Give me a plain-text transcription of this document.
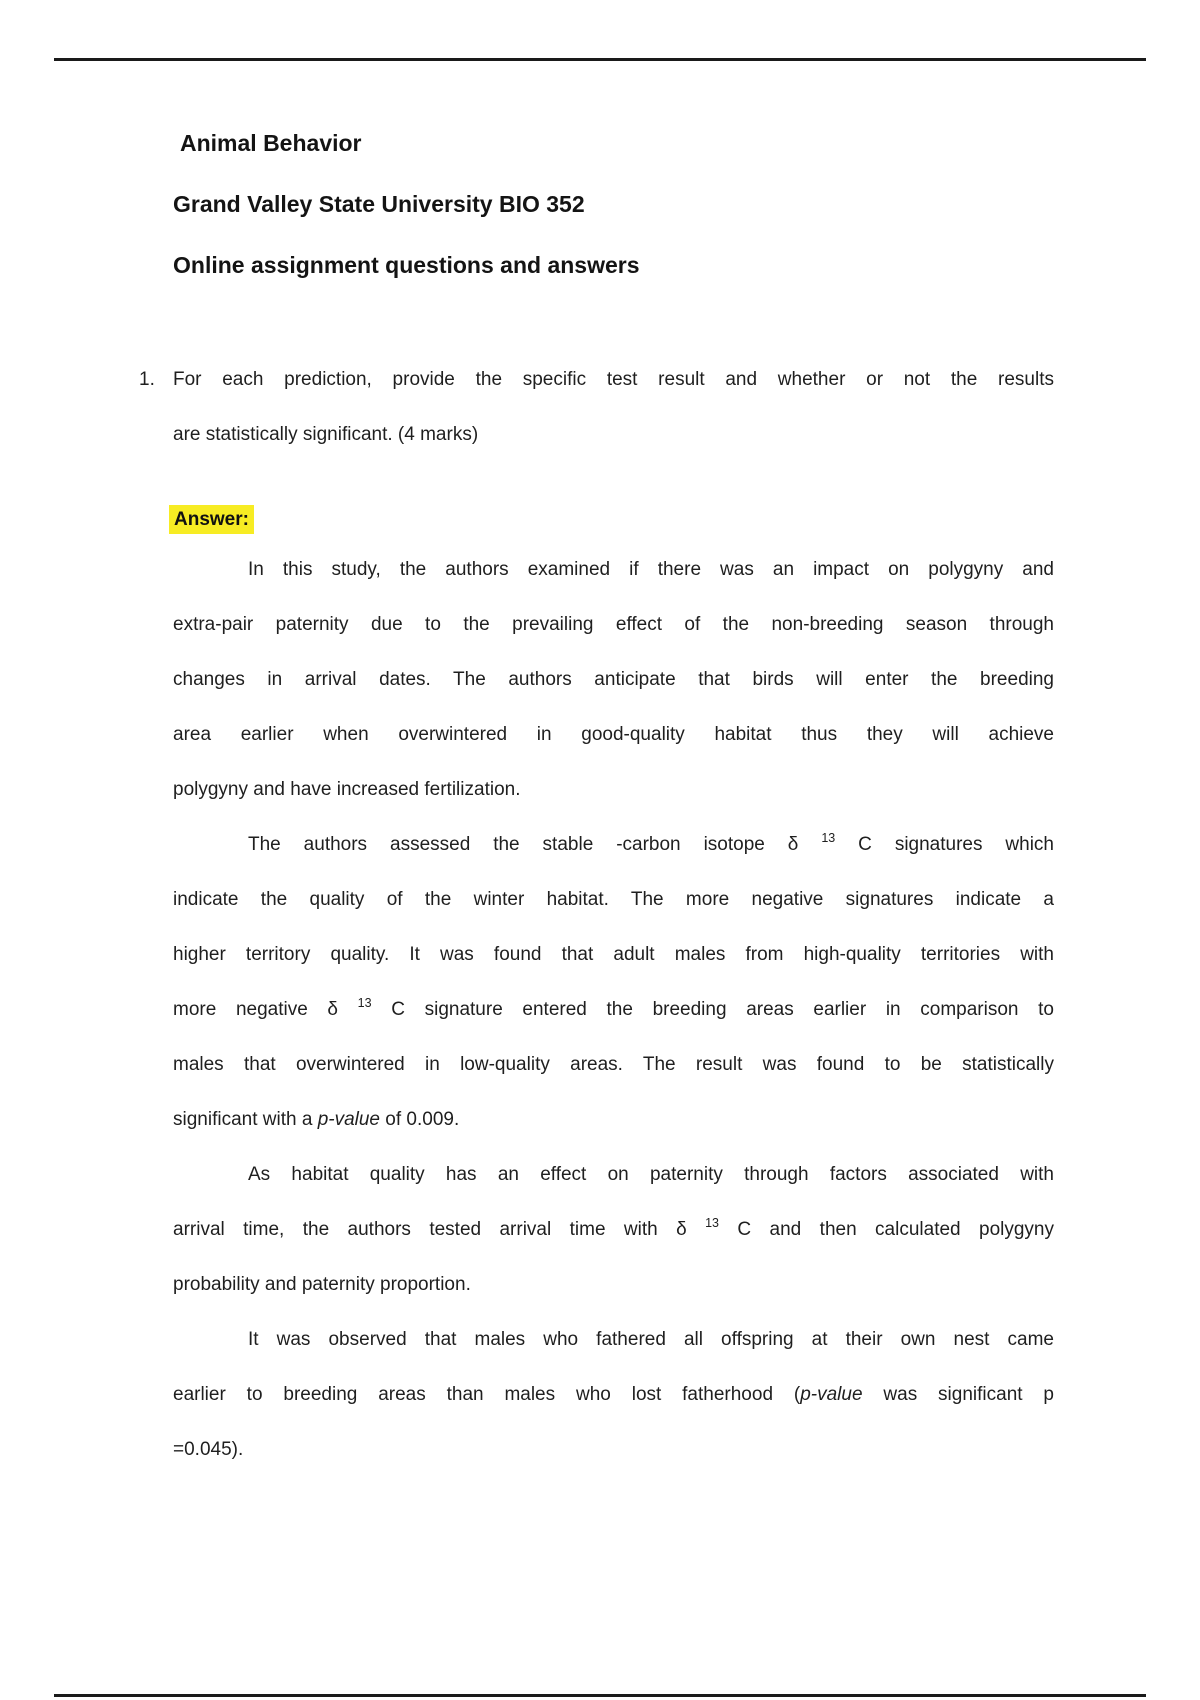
Animal Behavior
Grand Valley State University BIO 352
Online assignment questions and answers
1. For each prediction, provide the specific test result and whether or not the results
are statistically significant. (4 marks)
Answer:
In this study, the authors examined if there was an impact on polygyny and
extra-pair paternity due to the prevailing effect of the non-breeding season through
changes in arrival dates. The authors anticipate that birds will enter the breeding
area earlier when overwintered in good-quality habitat thus they will achieve
polygyny and have increased fertilization.
The authors assessed the stable -carbon isotope δ $^{13}$ C signatures which
indicate the quality of the winter habitat. The more negative signatures indicate a
higher territory quality. It was found that adult males from high-quality territories with
more negative δ $^{13}$ C signature entered the breeding areas earlier in comparison to
males that overwintered in low-quality areas. The result was found to be statistically
significant with a p-value of 0.009.
As habitat quality has an effect on paternity through factors associated with
arrival time, the authors tested arrival time with δ $^{13}$ C and then calculated polygyny
probability and paternity proportion.
It was observed that males who fathered all offspring at their own nest came
earlier to breeding areas than males who lost fatherhood (p-value was significant p
=0.045).
